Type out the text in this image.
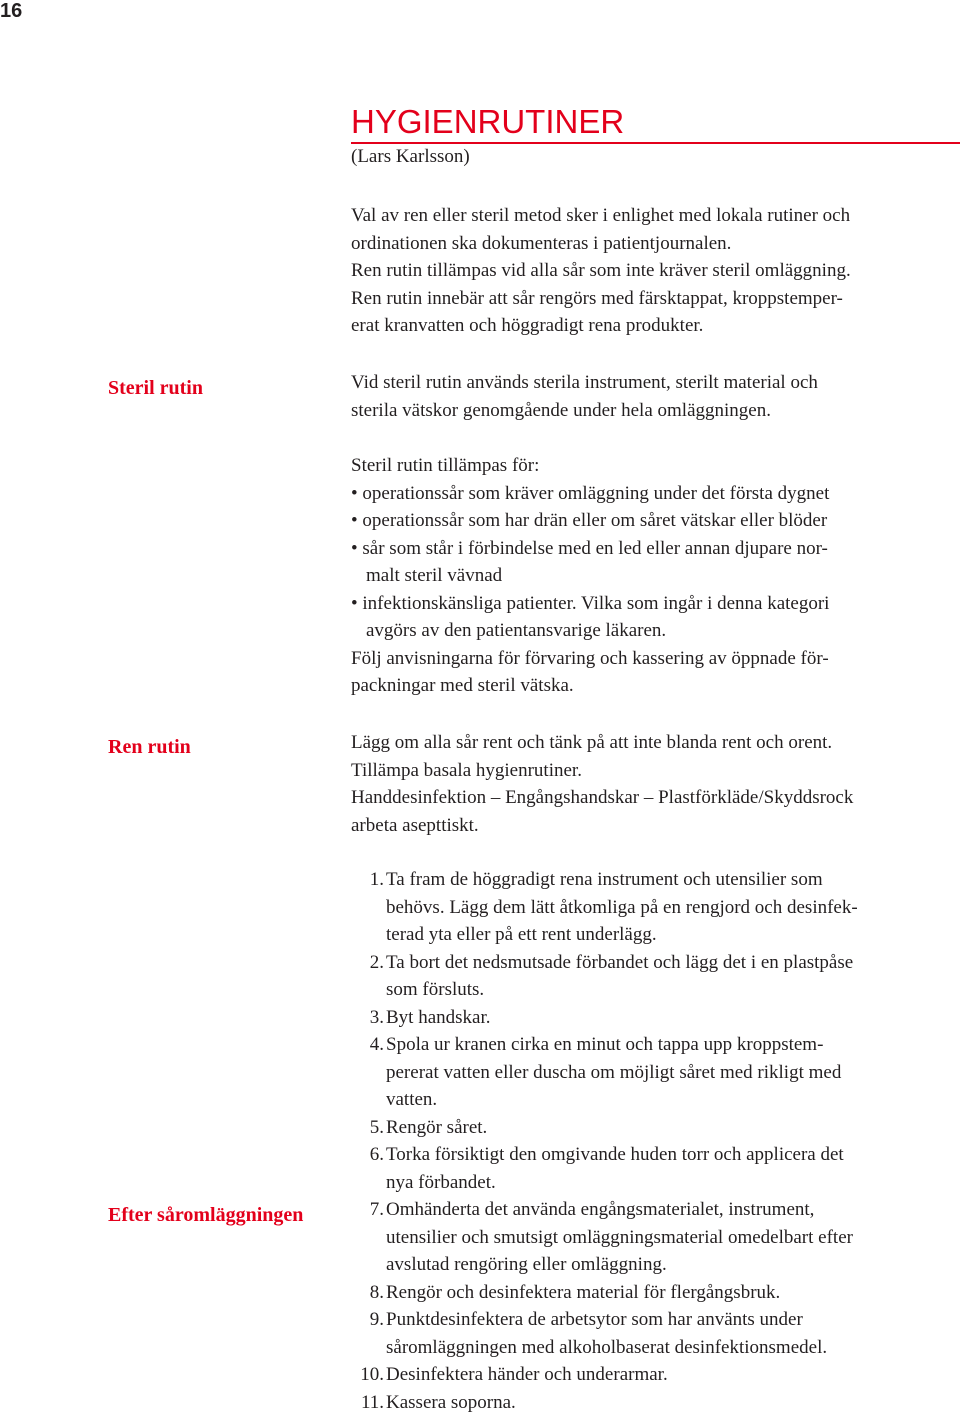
16
HYGIENRUTINER
(Lars Karlsson)
Val av ren eller steril metod sker i enlighet med lokala rutiner och
ordinationen ska dokumenteras i patientjournalen.
Ren rutin tillämpas vid alla sår som inte kräver steril omläggning.
Ren rutin innebär att sår rengörs med färsktappat, kroppstemper-
erat kranvatten och höggradigt rena produkter.
Steril rutin	Vid steril rutin används sterila instrument, sterilt material och
sterila vätskor genomgående under hela omläggningen.
Steril rutin tillämpas för:
• operationssår som kräver omläggning under det första dygnet
• operationssår som har drän eller om såret vätskar eller blöder
• sår som står i förbindelse med en led eller annan djupare nor-
malt steril vävnad
• infektionskänsliga patienter. Vilka som ingår i denna kategori
avgörs av den patientansvarige läkaren.
Följ anvisningarna för förvaring och kassering av öppnade för-
packningar med steril vätska.
Ren rutin	Lägg om alla sår rent och tänk på att inte blanda rent och orent.
Tillämpa basala hygienrutiner.
Handdesinfektion – Engångshandskar – Plastförkläde/Skyddsrock
arbeta asepttiskt.
Efter såromläggningen
1. Ta fram de höggradigt rena instrument och utensilier som
behövs. Lägg dem lätt åtkomliga på en rengjord och desinfek-
terad yta eller på ett rent underlägg.
2. Ta bort det nedsmutsade förbandet och lägg det i en plastpåse
som försluts.
3. Byt handskar.
4. Spola ur kranen cirka en minut och tappa upp kroppstem-
pererat vatten eller duscha om möjligt såret med rikligt med
vatten.
5. Rengör såret.
6. Torka försiktigt den omgivande huden torr och applicera det
nya förbandet.
7. Omhänderta det använda engångsmaterialet, instrument,
utensilier och smutsigt omläggningsmaterial omedelbart efter
avslutad rengöring eller omläggning.
8. Rengör och desinfektera material för flergångsbruk.
9. Punktdesinfektera de arbetsytor som har använts under
såromläggningen med alkoholbaserat desinfektionsmedel.
10. Desinfektera händer och underarmar.
11. Kassera soporna.
